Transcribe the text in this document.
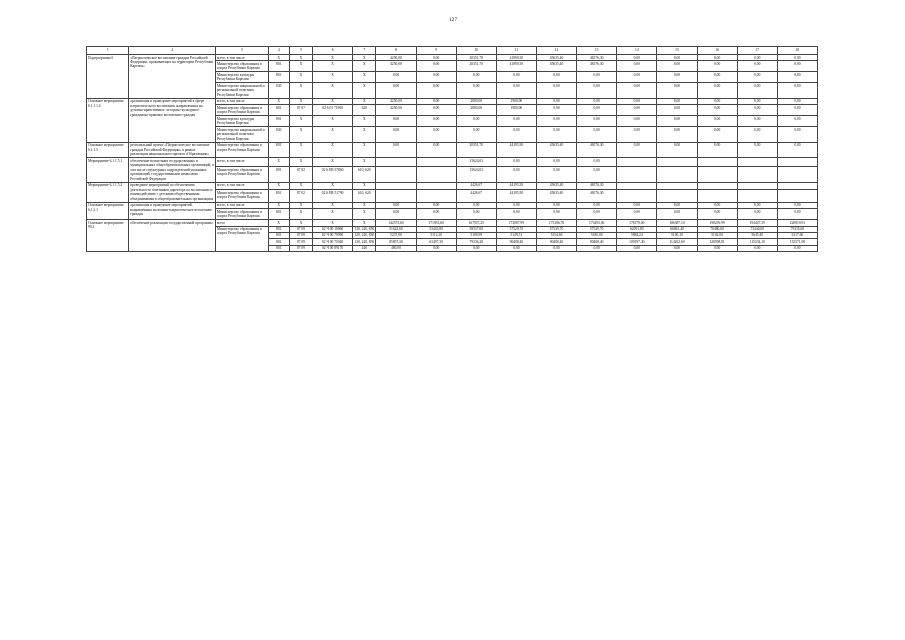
127
1	2	3	4	5	6	7	8	9	10	11	12	13	14	15	16	17	18
Подпрограмма 6	«Патриотическое воспитание граждан Российской Федерации, проживающих на территории Республики Карелия»	всего, в том числе	X	X	X	X	4250,00	0,00	20351,70	41890,50	45635,40	46576,30	0,00	0,00	0,00	0,00	0,00
		Министерство образования и спорта Республики Карелия	801	X	X	X	4250,00	0,00	20351,70	41890,50	45635,40	46576,30	0,00	0,00	0,00	0,00	0,00
		Министерство культуры Республики Карелия	801	X	X	X	0,00	0,00	0,00	0,00	0,00	0,00	0,00	0,00	0,00	0,00	0,00
		Министерство национальной и региональной политики Республики Карелия	830	X	X	X	0,00	0,00	0,00	0,00	0,00	0,00	0,00	0,00	0,00	0,00	0,00
Основное мероприятие 6.1.1.1.4	организация и проведение мероприятий в сфере патриотического воспитания, направленных на духовно-нравственное, историко-культурное, гражданско-правовое воспитание граждан	всего, в том числе	X	X	X	X	4250,00	0,00	2800,00	1900,00	0,00	0,00	0,00	0,00	0,00	0,00	0,00
		Министерство образования и спорта Республики Карелия	801	07 07	02 6 01 71960	620	4250,00	0,00	2800,00	1900,00	0,00	0,00	0,00	0,00	0,00	0,00	0,00
		Министерство культуры Республики Карелия	801	X	X	X	0,00	0,00	0,00	0,00	0,00	0,00	0,00	0,00	0,00	0,00	0,00
		Министерство национальной и региональной политики Республики Карелия	830	X	X	X	0,00	0,00	0,00	0,00	0,00	0,00	0,00	0,00	0,00	0,00	0,00
Основное мероприятие 6.1.1.5	региональный проект «Патриотическое воспитание граждан Российской Федерации» в рамках реализации национального проекта «Образование»	Министерство образования и спорта Республики Карелия	801	X	X	X	0,00	0,00	20351,70	44195,50	45635,40	46576,30	0,00	0,00	0,00	0,00	0,00
Мероприятие 6.1.1.5.1	обеспечение воспитания государственных и муниципальных общеобразовательных организаций, в том числе структурных подразделений указанных организаций, государственными символами Российской Федерации	всего, в том числе	X	X	X	X			15624,03	0,00	0,00	0,00					
		Министерство образования и спорта Республики Карелия	801	07 02	02 6 EB 57860	610, 620			15624,03	0,00	0,00	0,00					
Мероприятие 6.1.1.5.2	проведение мероприятий по обеспечению деятельности советников директора по воспитанию и взаимодействию с детскими общественными объединениями в общеобразовательных организациях	всего, в том числе	X	X	X	X			4426,67	44195,50	45635,40	46576,30					
		Министерство образования и спорта Республики Карелия	801	07 02	02 6 EB 51790	610, 620			4426,67	44195,50	45635,40	46576,30					
Основное мероприятие 6.1.2.1	организация и проведение мероприятий, направленных на военно-патриотическое воспитание граждан	всего, в том числе	X	X	X	X	0,00	0,00	0,00	0,00	0,00	0,00	0,00	0,00	0,00	0,00	0,00
		Министерство образования и спорта Республики Карелия	801	X	X	X	0,00	0,00	0,00	0,00	0,00	0,00	0,00	0,00	0,00	0,00	0,00
Основное мероприятие 99.2	обеспечение реализации государственной программы	всего	X	X	X	X	142575,60	171953,60	167957,25	173087,99	173186,70	173493,30	178179,00	186387,10	190239,99	194447,39	220819,91
		Министерство образования и спорта Республики Карелия	801	07 09	02 Ч 00 10960	120, 240, 850	51623,60	53445,80	58337,68	57529,70	57529,70	57529,70	62091,80	66861,40	70480,60	73440,00	79335,60
			801	07 09	02 Ч 00 79990	120, 240, 850	5237,00	5112,20	5108,99	5149,51	5154,66	5180,00	5884,24	5140,10	5102,00	5645,40	6117,60
			801	07 09	02 Ч 00 75040	120, 240, 850	85857,30	63497,30	79336,28	90408,40	90408,40	90408,40	109197,40	114262,60	120598,81	115334,10	135371,00
			801	07 09	02 Ч 00 89170	240	480,00	0,00	0,00	0,00	0,00	0,00	0,00	0,00	0,00	0,00	0,00
